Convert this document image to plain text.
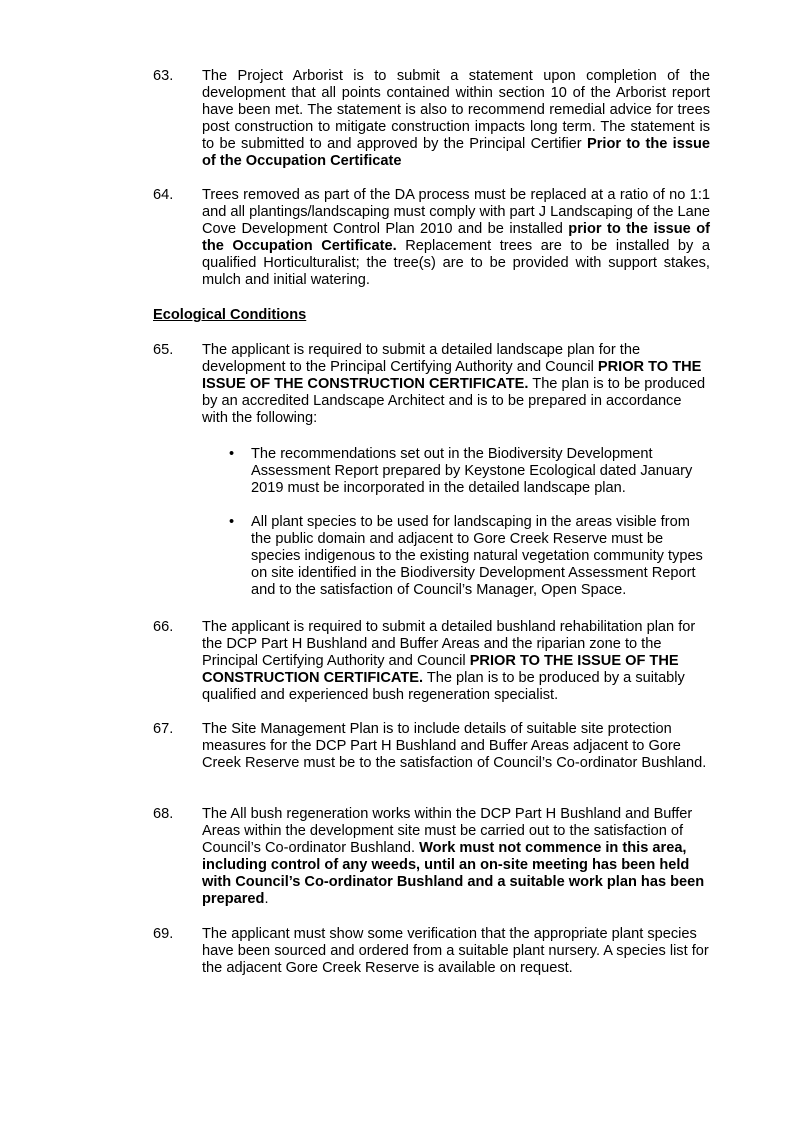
63.	The Project Arborist is to submit a statement upon completion of the development that all points contained within section 10 of the Arborist report have been met. The statement is also to recommend remedial advice for trees post construction to mitigate construction impacts long term. The statement is to be submitted to and approved by the Principal Certifier Prior to the issue of the Occupation Certificate
64.	Trees removed as part of the DA process must be replaced at a ratio of no 1:1 and all plantings/landscaping must comply with part J Landscaping of the Lane Cove Development Control Plan 2010 and be installed prior to the issue of the Occupation Certificate. Replacement trees are to be installed by a qualified Horticulturalist; the tree(s) are to be provided with support stakes, mulch and initial watering.
Ecological Conditions
65.	The applicant is required to submit a detailed landscape plan for the development to the Principal Certifying Authority and Council PRIOR TO THE ISSUE OF THE CONSTRUCTION CERTIFICATE. The plan is to be produced by an accredited Landscape Architect and is to be prepared in accordance with the following:
• The recommendations set out in the Biodiversity Development Assessment Report prepared by Keystone Ecological dated January 2019 must be incorporated in the detailed landscape plan.
• All plant species to be used for landscaping in the areas visible from the public domain and adjacent to Gore Creek Reserve must be species indigenous to the existing natural vegetation community types on site identified in the Biodiversity Development Assessment Report and to the satisfaction of Council’s Manager, Open Space.
66.	The applicant is required to submit a detailed bushland rehabilitation plan for the DCP Part H Bushland and Buffer Areas and the riparian zone to the Principal Certifying Authority and Council PRIOR TO THE ISSUE OF THE CONSTRUCTION CERTIFICATE. The plan is to be produced by a suitably qualified and experienced bush regeneration specialist.
67.	The Site Management Plan is to include details of suitable site protection measures for the DCP Part H Bushland and Buffer Areas adjacent to Gore Creek Reserve must be to the satisfaction of Council’s Co-ordinator Bushland.
68.	The All bush regeneration works within the DCP Part H Bushland and Buffer Areas within the development site must be carried out to the satisfaction of Council’s Co-ordinator Bushland. Work must not commence in this area, including control of any weeds, until an on-site meeting has been held with Council’s Co-ordinator Bushland and a suitable work plan has been prepared.
69.	The applicant must show some verification that the appropriate plant species have been sourced and ordered from a suitable plant nursery. A species list for the adjacent Gore Creek Reserve is available on request.
